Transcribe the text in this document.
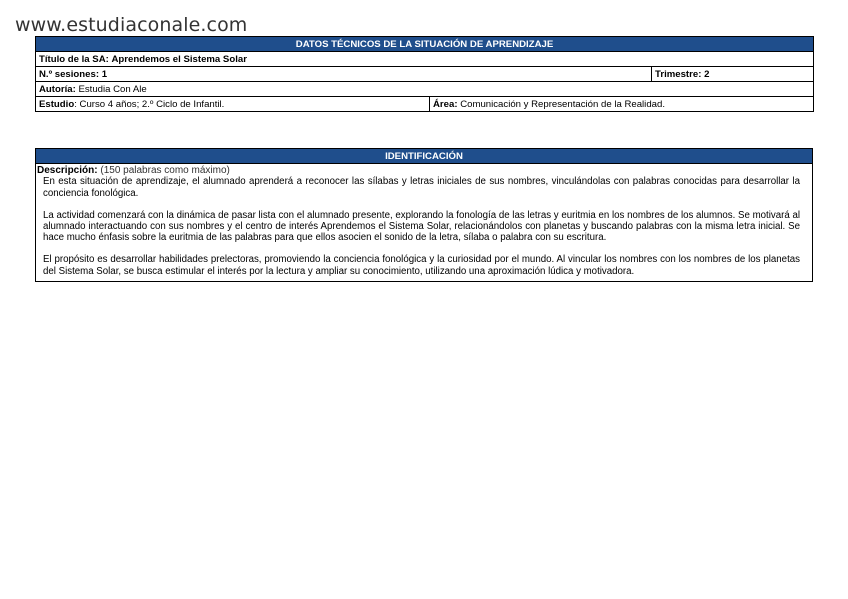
www.estudiaconale.com
DATOS TÉCNICOS DE LA SITUACIÓN DE APRENDIZAJE		
Título de la SA: Aprendemos el Sistema Solar		
N.º sesiones: 1		Trimestre: 2
Autoría: Estudia Con Ale		
Estudio: Curso 4 años; 2.º Ciclo de Infantil.	Área: Comunicación y Representación de la Realidad.	
IDENTIFICACIÓN

Descripción: (150 palabras como máximo)

En esta situación de aprendizaje, el alumnado aprenderá a reconocer las sílabas y letras iniciales de sus nombres, vinculándolas con palabras conocidas para desarrollar la conciencia fonológica.

La actividad comenzará con la dinámica de pasar lista con el alumnado presente, explorando la fonología de las letras y euritmia en los nombres de los alumnos. Se motivará al alumnado interactuando con sus nombres y el centro de interés Aprendemos el Sistema Solar, relacionándolos con planetas y buscando palabras con la misma letra inicial. Se hace mucho énfasis sobre la euritmia de las palabras para que ellos asocien el sonido de la letra, sílaba o palabra con su escritura.

El propósito es desarrollar habilidades prelectoras, promoviendo la conciencia fonológica y la curiosidad por el mundo. Al vincular los nombres con los nombres de los planetas del Sistema Solar, se busca estimular el interés por la lectura y ampliar su conocimiento, utilizando una aproximación lúdica y motivadora.
